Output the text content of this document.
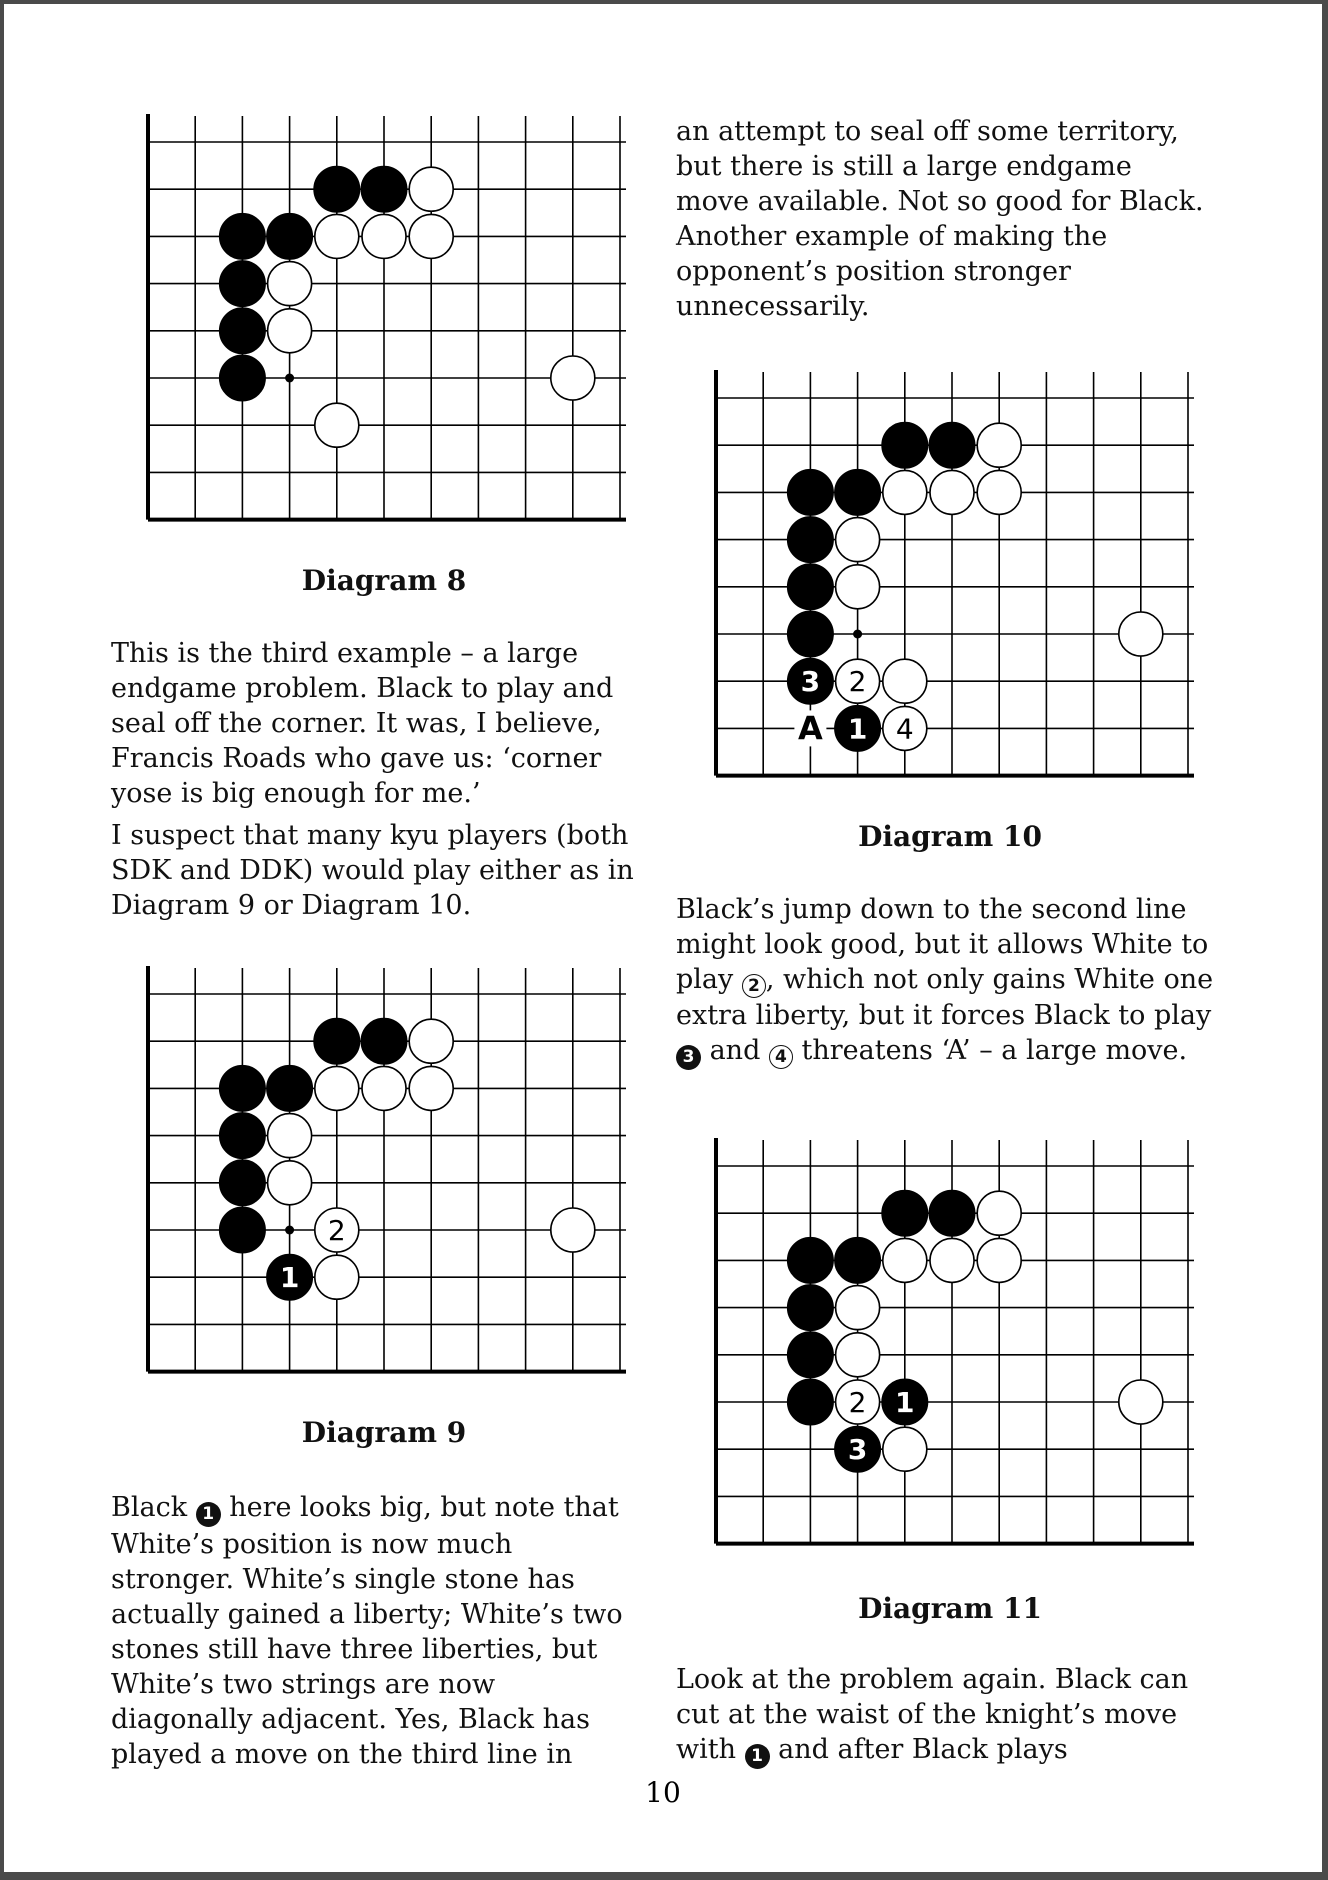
Diagram 8

This is the third example – a large endgame problem. Black to play and seal off the corner. It was, I believe, Francis Roads who gave us: ‘corner yose is big enough for me.’

I suspect that many kyu players (both SDK and DDK) would play either as in Diagram 9 or Diagram 10.

2
1
Diagram 9

Black 1 here looks big, but note that White’s position is now much stronger. White’s single stone has actually gained a liberty; White’s two stones still have three liberties, but White’s two strings are now diagonally adjacent. Yes, Black has played a move on the third line in

an attempt to seal off some territory, but there is still a large endgame move available. Not so good for Black. Another example of making the opponent’s position stronger unnecessarily.

A
3 2
1 4
Diagram 10

Black’s jump down to the second line might look good, but it allows White to play 2 , which not only gains White one extra liberty, but it forces Black to play 3 and 4 threatens ‘A’ – a large move.

2 1
3
Diagram 11

Look at the problem again. Black can cut at the waist of the knight’s move with 1 and after Black plays

10
